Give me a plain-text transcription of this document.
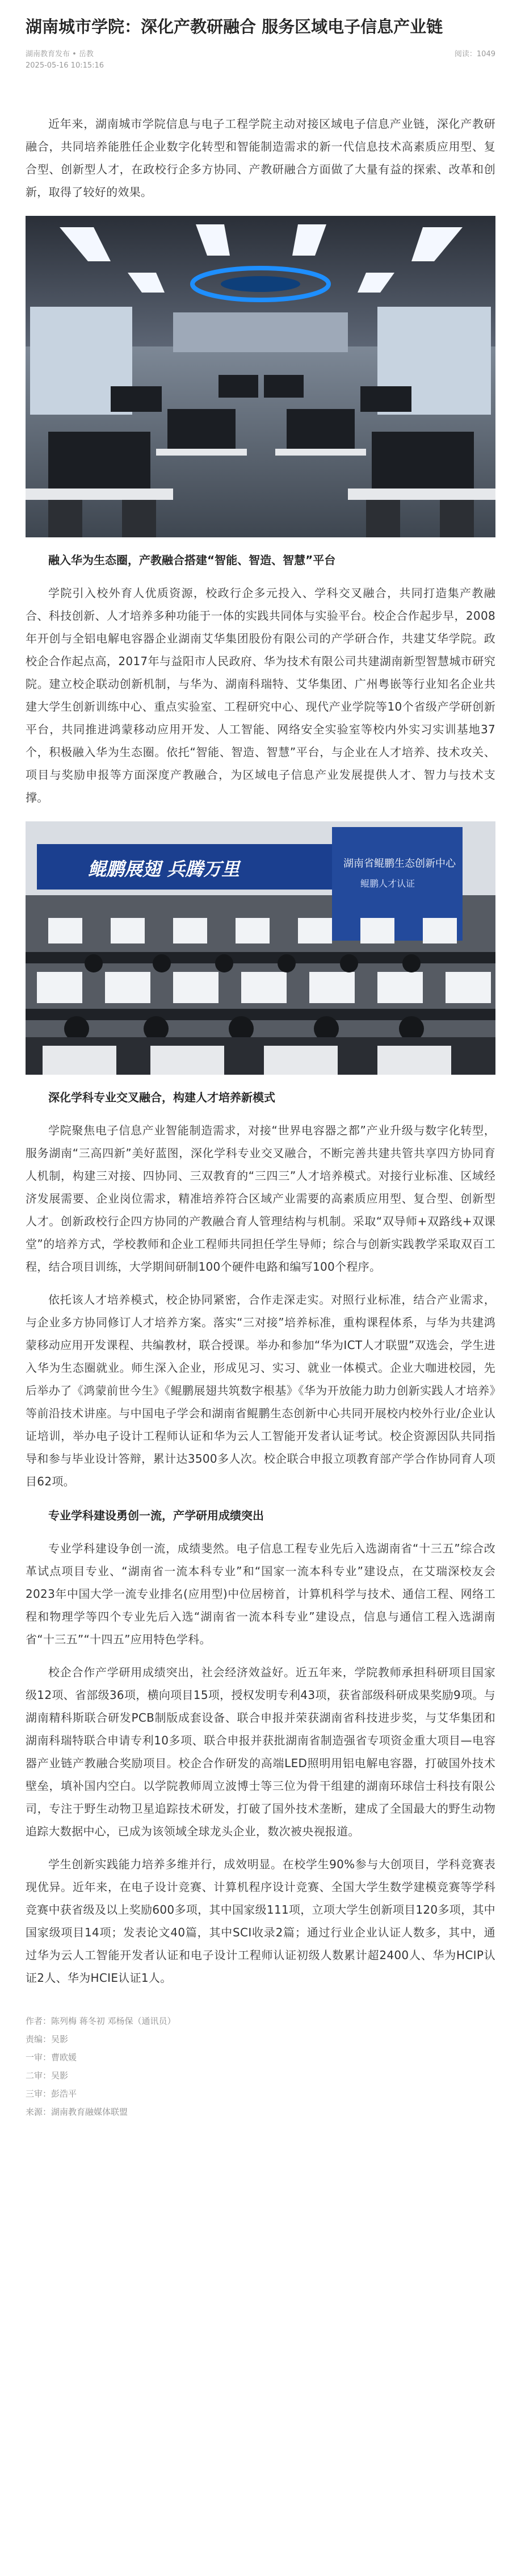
湖南城市学院：深化产教研融合 服务区域电子信息产业链
湖南教育发布 • 岳教
2025-05-16 10:15:16
阅读：1049

近年来，湖南城市学院信息与电子工程学院主动对接区域电子信息产业链，深化产教研融合，共同培养能胜任企业数字化转型和智能制造需求的新一代信息技术高素质应用型、复合型、创新型人才，在政校行企多方协同、产教研融合方面做了大量有益的探索、改革和创新，取得了较好的效果。

融入华为生态圈，产教融合搭建“智能、智造、智慧”平台

学院引入校外育人优质资源，校政行企多元投入、学科交叉融合，共同打造集产教融合、科技创新、人才培养多种功能于一体的实践共同体与实验平台。校企合作起步早，2008年开创与全铝电解电容器企业湖南艾华集团股份有限公司的产学研合作，共建艾华学院。政校企合作起点高，2017年与益阳市人民政府、华为技术有限公司共建湖南新型智慧城市研究院。建立校企联动创新机制，与华为、湖南科瑞特、艾华集团、广州粤嵌等行业知名企业共建大学生创新训练中心、重点实验室、工程研究中心、现代产业学院等10个省级产学研创新平台，共同推进鸿蒙移动应用开发、人工智能、网络安全实验室等校内外实习实训基地37个，积极融入华为生态圈。依托“智能、智造、智慧”平台，与企业在人才培养、技术攻关、项目与奖励申报等方面深度产教融合，为区域电子信息产业发展提供人才、智力与技术支撑。

鲲鹏展翅 兵腾万里	湖南省鲲鹏生态创新中心
鲲鹏人才认证
深化学科专业交叉融合，构建人才培养新模式

学院聚焦电子信息产业智能制造需求，对接“世界电容器之都”产业升级与数字化转型，服务湖南“三高四新”美好蓝图，深化学科专业交叉融合，不断完善共建共管共享四方协同育人机制，构建三对接、四协同、三双教育的“三四三”人才培养模式。对接行业标准、区域经济发展需要、企业岗位需求，精准培养符合区域产业需要的高素质应用型、复合型、创新型人才。创新政校行企四方协同的产教融合育人管理结构与机制。采取“双导师+双路线+双课堂”的培养方式，学校教师和企业工程师共同担任学生导师；综合与创新实践教学采取双百工程，结合项目训练，大学期间研制100个硬件电路和编写100个程序。

依托该人才培养模式，校企协同紧密，合作走深走实。对照行业标准，结合产业需求，与企业多方协同修订人才培养方案。落实“三对接”培养标准，重构课程体系，与华为共建鸿蒙移动应用开发课程、共编教材，联合授课。举办和参加“华为ICT人才联盟”双选会，学生进入华为生态圈就业。师生深入企业，形成见习、实习、就业一体模式。企业大咖进校园，先后举办了《鸿蒙前世今生》《鲲鹏展翅共筑数字根基》《华为开放能力助力创新实践人才培养》等前沿技术讲座。与中国电子学会和湖南省鲲鹏生态创新中心共同开展校内校外行业/企业认证培训，举办电子设计工程师认证和华为云人工智能开发者认证考试。校企资源因队共同指导和参与毕业设计答辩，累计达3500多人次。校企联合申报立项教育部产学合作协同育人项目62项。

专业学科建设勇创一流，产学研用成绩突出

专业学科建设争创一流，成绩斐然。电子信息工程专业先后入选湖南省“十三五”综合改革试点项目专业、“湖南省一流本科专业”和“国家一流本科专业”建设点，在艾瑞深校友会2023年中国大学一流专业排名(应用型)中位居榜首，计算机科学与技术、通信工程、网络工程和物理学等四个专业先后入选“湖南省一流本科专业”建设点，信息与通信工程入选湖南省“十三五”“十四五”应用特色学科。

校企合作产学研用成绩突出，社会经济效益好。近五年来，学院教师承担科研项目国家级12项、省部级36项，横向项目15项，授权发明专利43项，获省部级科研成果奖励9项。与湖南精科斯联合研发PCB制版成套设备、联合申报并荣获湖南省科技进步奖，与艾华集团和湖南科瑞特联合申请专利10多项、联合申报并获批湖南省制造强省专项资金重大项目—电容器产业链产教融合奖励项目。校企合作研发的高端LED照明用铝电解电容器，打破国外技术壁垒，填补国内空白。以学院教师周立波博士等三位为骨干组建的湖南环球信士科技有限公司，专注于野生动物卫星追踪技术研发，打破了国外技术垄断，建成了全国最大的野生动物追踪大数据中心，已成为该领域全球龙头企业，数次被央视报道。

学生创新实践能力培养多维并行，成效明显。在校学生90%参与大创项目，学科竞赛表现优异。近年来，在电子设计竞赛、计算机程序设计竞赛、全国大学生数学建模竞赛等学科竞赛中获省级及以上奖励600多项，其中国家级111项，立项大学生创新项目120多项，其中国家级项目14项；发表论文40篇，其中SCI收录2篇；通过行业企业认证人数多，其中，通过华为云人工智能开发者认证和电子设计工程师认证初级人数累计超2400人、华为HCIP认证2人、华为HCIE认证1人。

作者：陈列梅 蒋冬初 邓杨保（通讯员）
责编：吴影
一审：曹欧媛
二审：吴影
三审：彭浩平
来源：湖南教育融媒体联盟
